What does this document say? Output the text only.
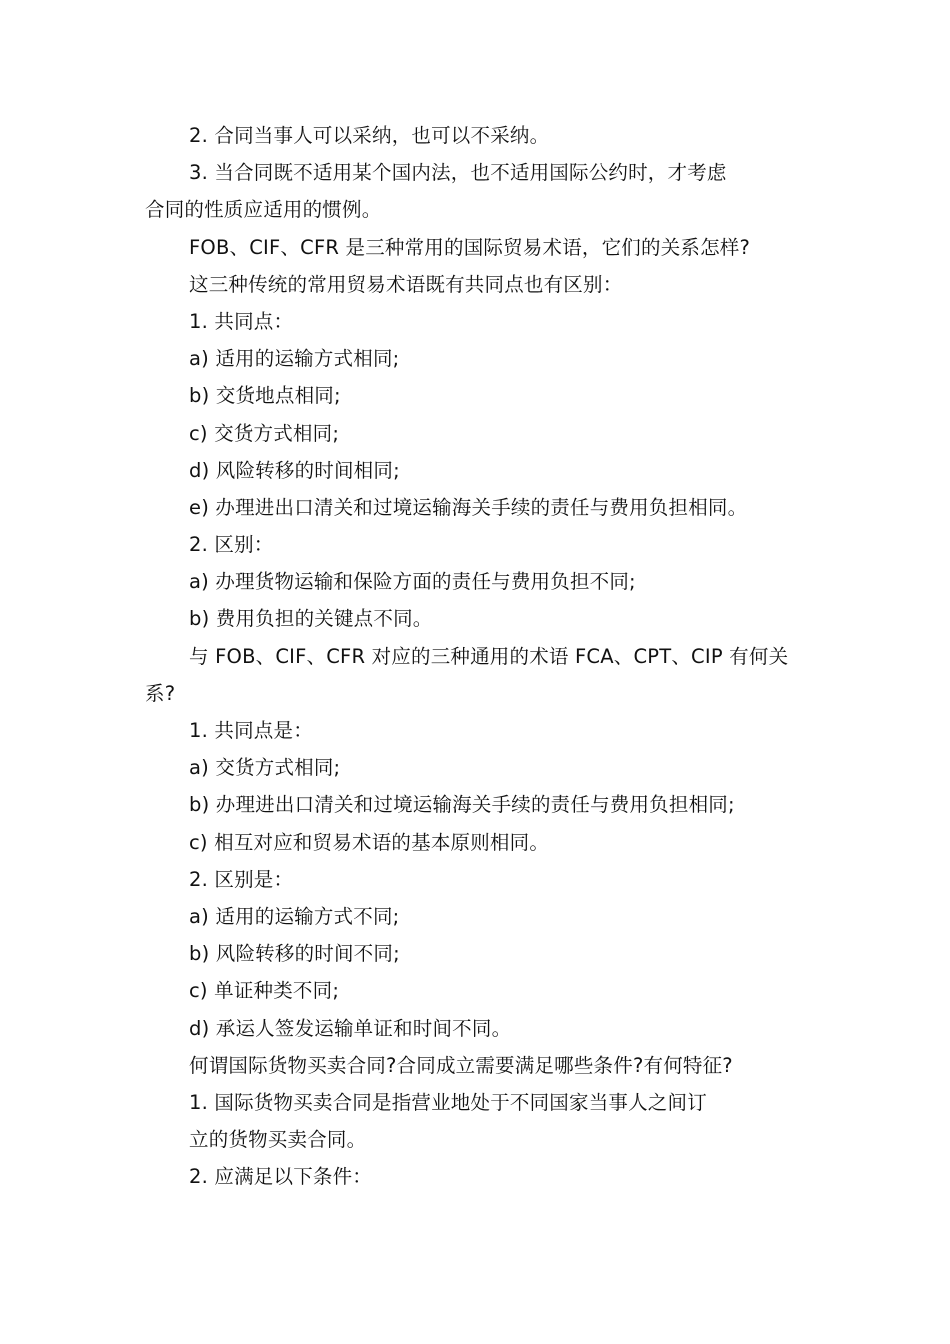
2. 合同当事人可以采纳，也可以不采纳。
3. 当合同既不适用某个国内法，也不适用国际公约时，才考虑
合同的性质应适用的惯例。
FOB、CIF、CFR 是三种常用的国际贸易术语，它们的关系怎样?
这三种传统的常用贸易术语既有共同点也有区别：
1. 共同点：
a) 适用的运输方式相同;
b) 交货地点相同;
c) 交货方式相同;
d) 风险转移的时间相同;
e) 办理进出口清关和过境运输海关手续的责任与费用负担相同。
2. 区别：
a) 办理货物运输和保险方面的责任与费用负担不同;
b) 费用负担的关键点不同。
与 FOB、CIF、CFR 对应的三种通用的术语 FCA、CPT、CIP 有何关
系?
1. 共同点是：
a) 交货方式相同;
b) 办理进出口清关和过境运输海关手续的责任与费用负担相同;
c) 相互对应和贸易术语的基本原则相同。
2. 区别是：
a) 适用的运输方式不同;
b) 风险转移的时间不同;
c) 单证种类不同;
d) 承运人签发运输单证和时间不同。
何谓国际货物买卖合同?合同成立需要满足哪些条件?有何特征?
1. 国际货物买卖合同是指营业地处于不同国家当事人之间订
立的货物买卖合同。
2. 应满足以下条件：
